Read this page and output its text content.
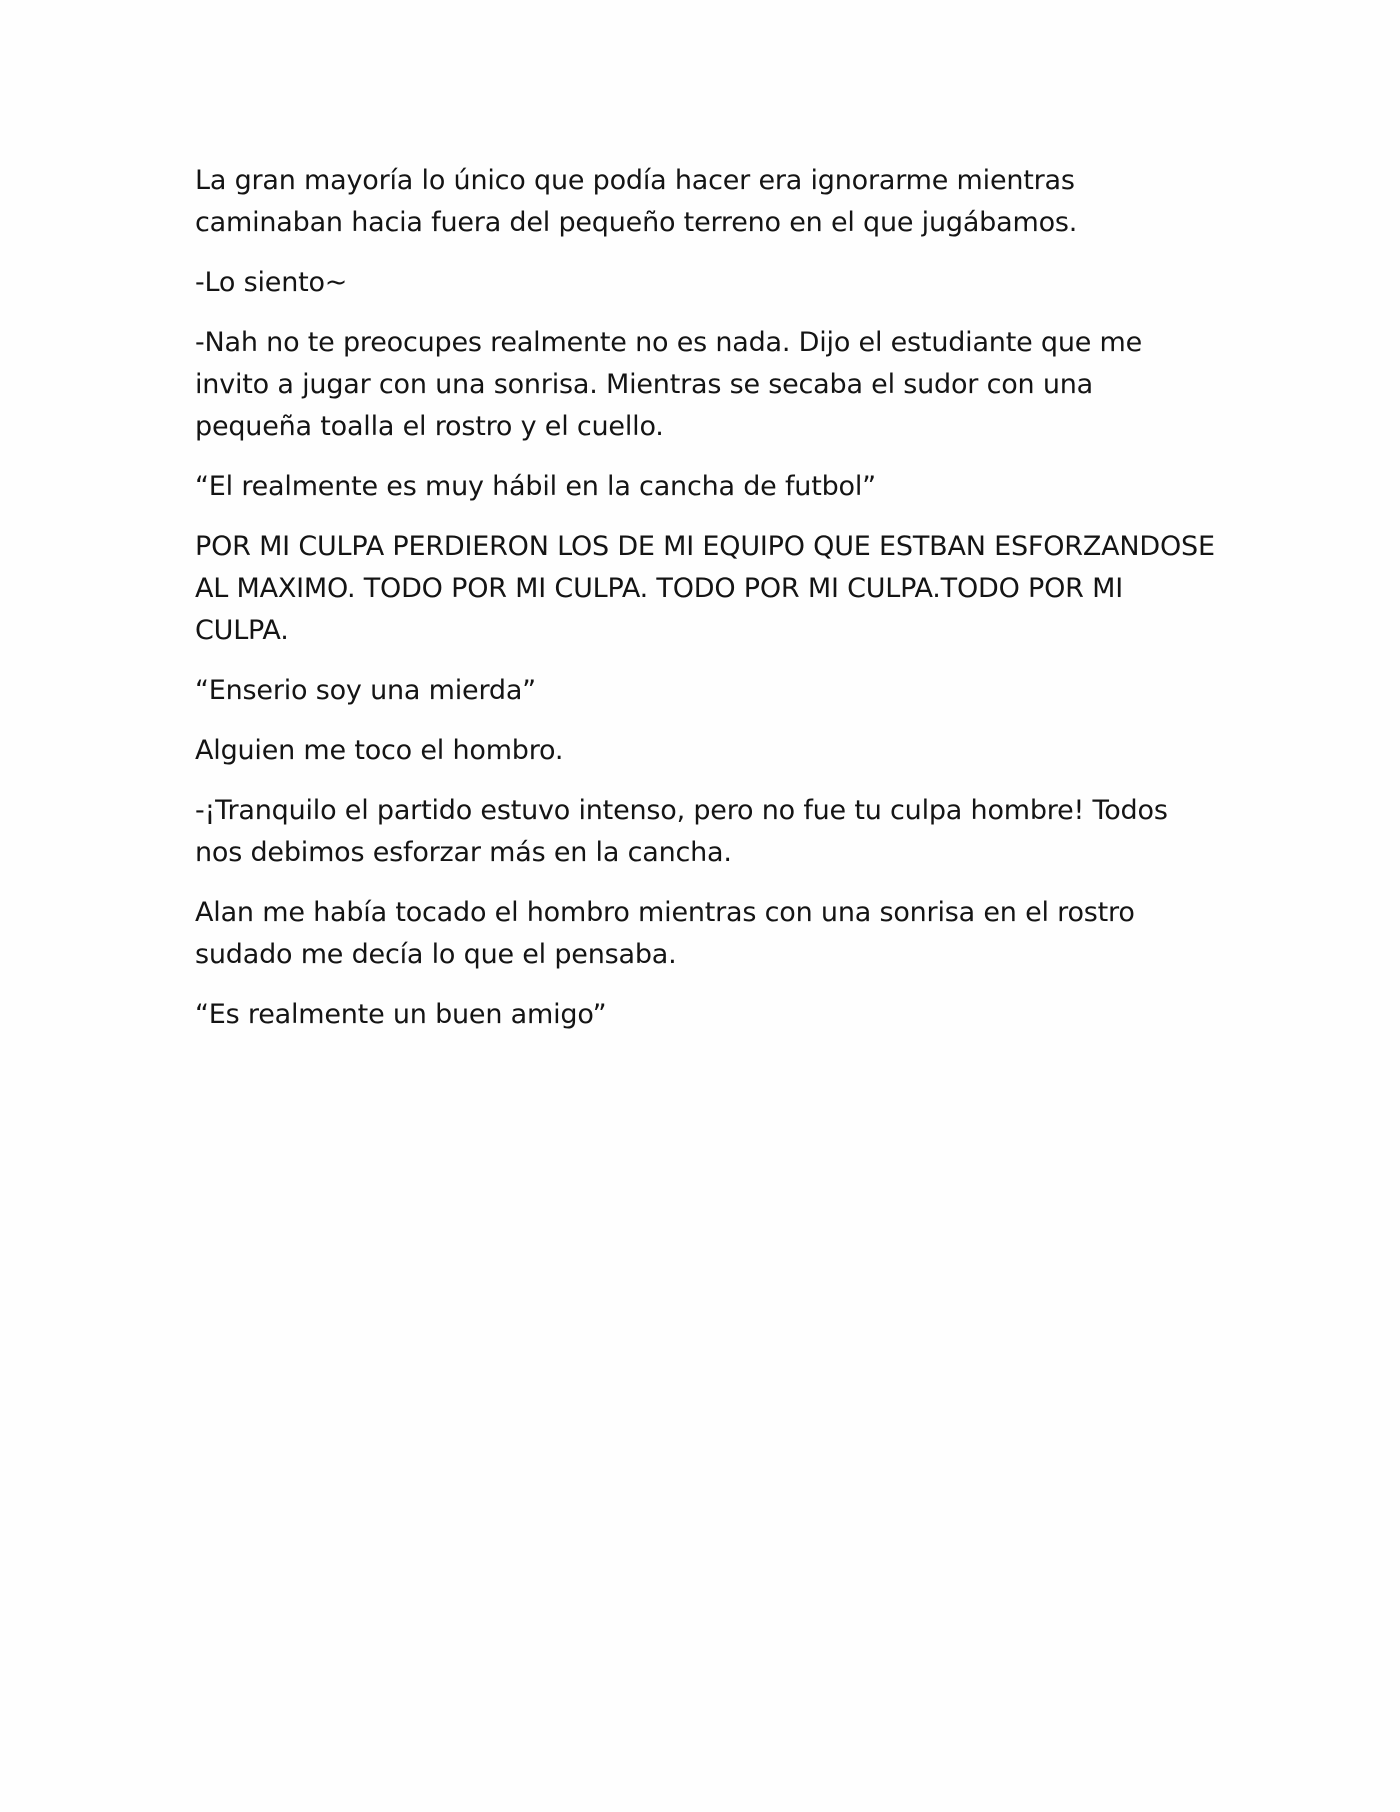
La gran mayoría lo único que podía hacer era ignorarme mientras caminaban hacia fuera del pequeño terreno en el que jugábamos.

-Lo siento~

-Nah no te preocupes realmente no es nada. Dijo el estudiante que me invito a jugar con una sonrisa. Mientras se secaba el sudor con una pequeña toalla el rostro y el cuello.

“El realmente es muy hábil en la cancha de futbol”

POR MI CULPA PERDIERON LOS DE MI EQUIPO QUE ESTBAN ESFORZANDOSE AL MAXIMO. TODO POR MI CULPA. TODO POR MI CULPA.TODO POR MI CULPA.

“Enserio soy una mierda”

Alguien me toco el hombro.

-¡Tranquilo el partido estuvo intenso, pero no fue tu culpa hombre! Todos nos debimos esforzar más en la cancha.

Alan me había tocado el hombro mientras con una sonrisa en el rostro sudado me decía lo que el pensaba.

“Es realmente un buen amigo”
